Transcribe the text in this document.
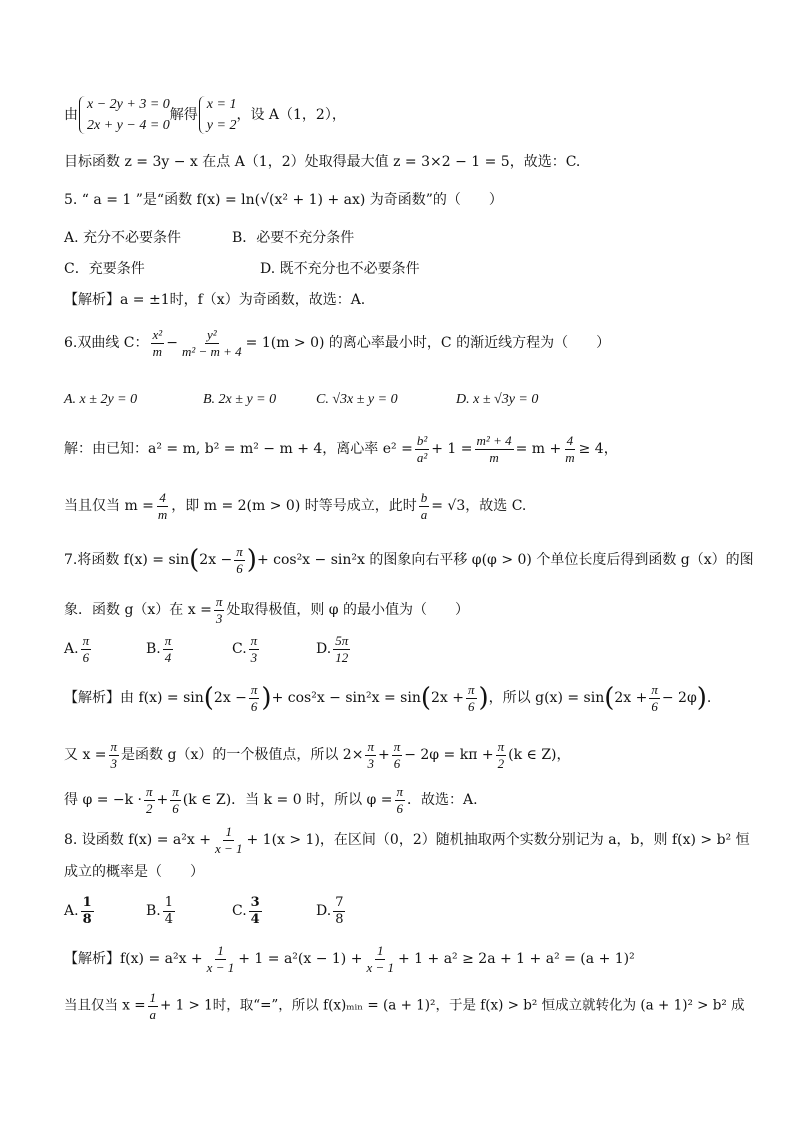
由
x − 2y + 3 = 0
2x + y − 4 = 0
解得
x = 1
y = 2
，设 A（1，2），
目标函数 z = 3y − x 在点 A（1，2）处取得最大值 z = 3×2 − 1 = 5，故选：C.
5. “ a = 1 ”是“函数 f(x) = ln(√(x² + 1) + ax) 为奇函数”的（　　）
A. 充分不必要条件	B．必要不充分条件
C．充要条件	D. 既不充分也不必要条件
【解析】a = ±1时，f（x）为奇函数，故选：A.
6.双曲线 C： $\frac{\text{x²}}{m} - \frac{\text{y²}}{\text{m² − m + 4}} = 1(m > 0)$ 的离心率最小时，C 的渐近线方程为（　　）
A. x ± 2y = 0	B. 2x ± y = 0	C. √3x ± y = 0	D. x ± √3y = 0
解：由已知：a² = m, b² = m² − m + 4，离心率 $e^2 = \frac{\text{b²}}{\text{a²}} + 1 = \frac{\text{m² + 4}}{m} = m + \frac{4}{m} \ge 4$，
当且仅当 $m = \frac{4}{m}$ ，即 m = 2(m > 0) 时等号成立，此时 $\frac{b}{a} = √3$，故选 C.
7.将函数 $f(x) = \sin(2x - \frac{\pi}{6}$ )+ cos²x − sin²x 的图象向右平移 φ(φ > 0) 个单位长度后得到函数 g（x）的图
象．函数 g（x）在 $x = \frac{\pi}{3}$ 处取得极值，则 φ 的最小值为（　　）
A. $\frac{\pi}{6}$	B. $\frac{\pi}{4}$	C. $\frac{\pi}{3}$	D. $\frac{5\pi}{12}$
【解析】由 $f(x) = \sin(2x - \frac{\pi}{6}$ )+ $\cos^2x - \sin^2x = \sin(2x + \frac{\pi}{6}$ )，所以 $g(x) = \sin(2x + \frac{\pi}{6} - 2\varphi)$.
又 $x = \frac{\pi}{3}$ 是函数 g（x）的一个极值点，所以 $2\times \frac{\pi}{3} + \frac{\pi}{6} - 2\varphi = k\pi + \frac{\pi}{2} (k$ ∈ Z)，
得 $\varphi = -k \cdot \frac{\pi}{2} + \frac{\pi}{6} (k$ ∈ Z)．当 k = 0 时，所以 $\varphi = \frac{\pi}{6}$ ．故选：A.
8. 设函数 $f(x) = a^2x + \frac{1}{x - 1} + 1(x > 1)$，在区间（0，2）随机抽取两个实数分别记为 a，b，则 f(x) > b² 恒
成立的概率是（　　）
A. $\frac{1}{8}$	B. $\frac{1}{4}$	C. $\frac{3}{4}$	D. $\frac{7}{8}$
【解析】$f(x) = a^2x + \frac{1}{x - 1} + 1 = a^2(x - 1) + \frac{1}{x - 1} + 1 + a^2 \ge 2a + 1 + a^2 = (a + 1)^2$
当且仅当 $x = \frac{1}{a} + 1 > 1$时，取“=”，所以 f(x)ₘᵢₙ = (a + 1)²，于是 f(x) > b² 恒成立就转化为 (a + 1)² > b² 成
